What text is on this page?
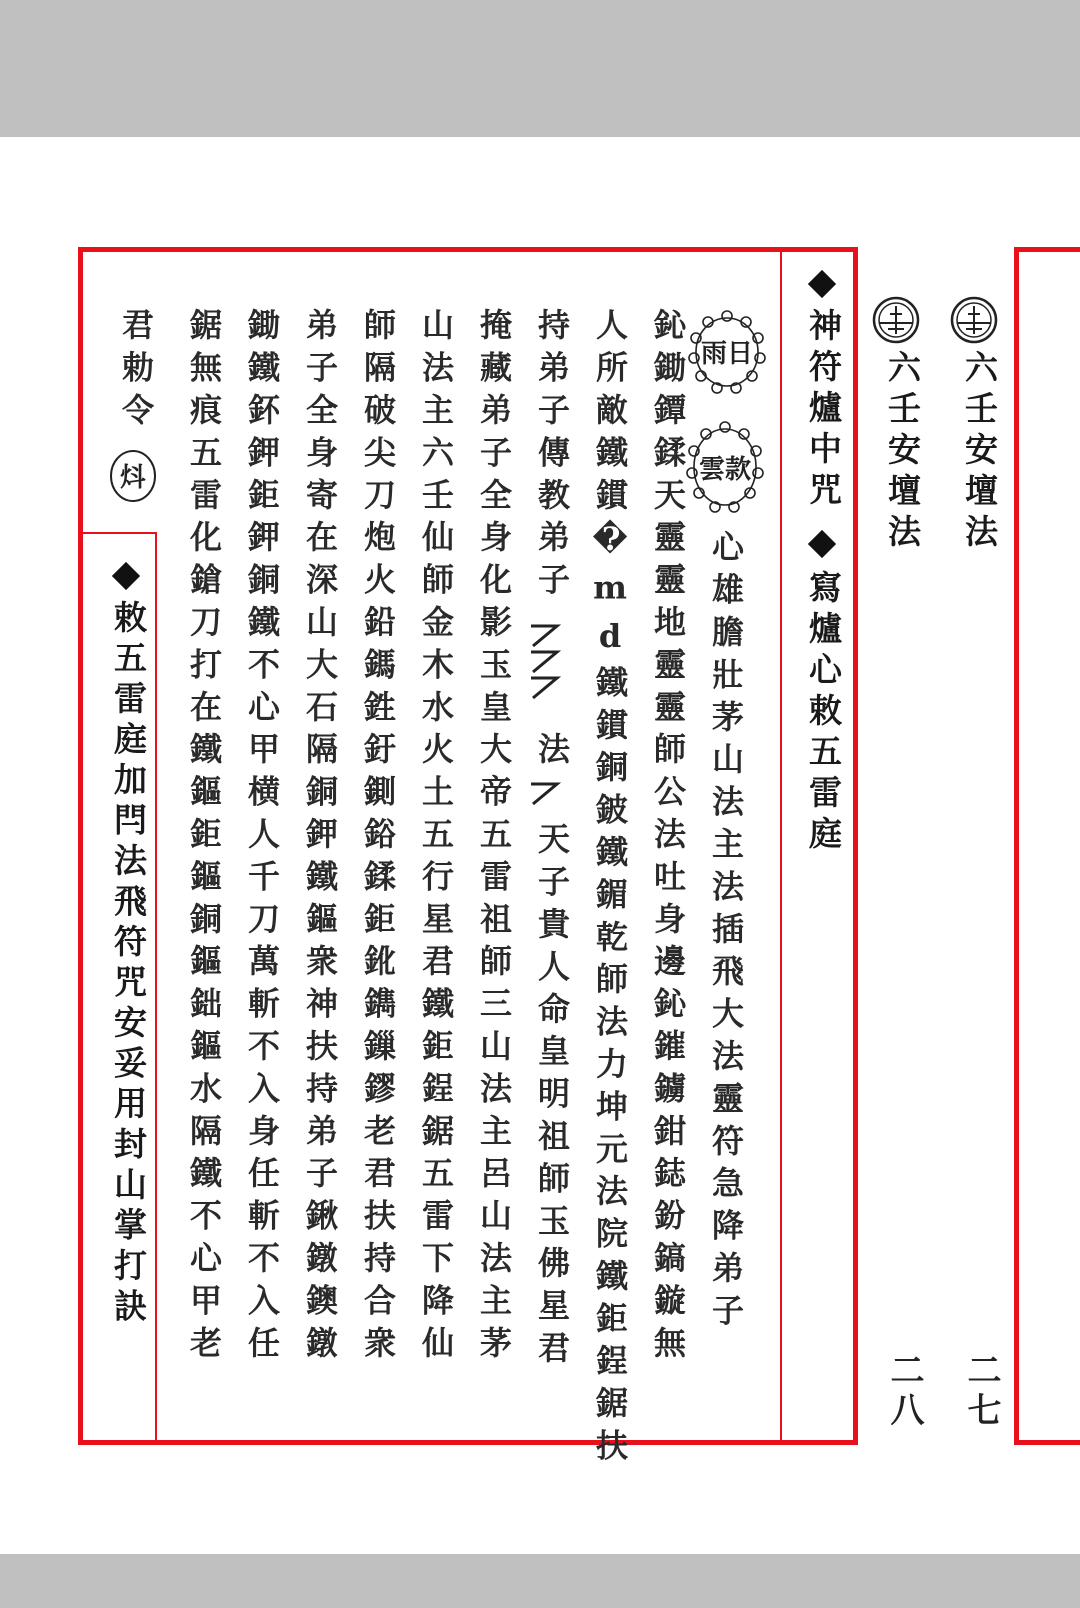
六壬安壇法
二七
六壬安壇法
二八
神符爐中咒
寫爐心敕五雷庭
雨日
雲款
心雄膽壯茅山法主法插飛大法靈符急降弟子
鈊鋤鐔鍒天靈靈地靈靈師公法吐身邊鈊鏙鐪鉗鋕鈖鎬鏇無
人所敵鐵鏆�md鐵鏆銅鈹鐵鎇乾師法力坤元法院鐵鉅鋥鋸扶
持弟子傳教弟子
法
天子貴人命皇明祖師玉佛星君
掩藏弟子全身化影玉皇大帝五雷祖師三山法主呂山法主茅
山法主六壬仙師金木水火土五行星君鐵鉅鋥鋸五雷下降仙
師隔破尖刀炮火鉛鎷鉎釪鍘鋊鍒鉅鈋鐫鏁鏐老君扶持合衆
弟子全身寄在深山大石隔銅鉀鐵鏂衆神扶持弟子鍬鐓鐭鐓
鋤鐵鈈鉀鉅鉀銅鐵不心甲横人千刀萬斬不入身任斬不入任
鋸無痕五雷化鎗刀打在鐵鏂鉅鏂銅鏂鈯鏂水隔鐵不心甲老
君勅令
炓
敕五雷庭加閂法飛符咒安妥用封山掌打訣
